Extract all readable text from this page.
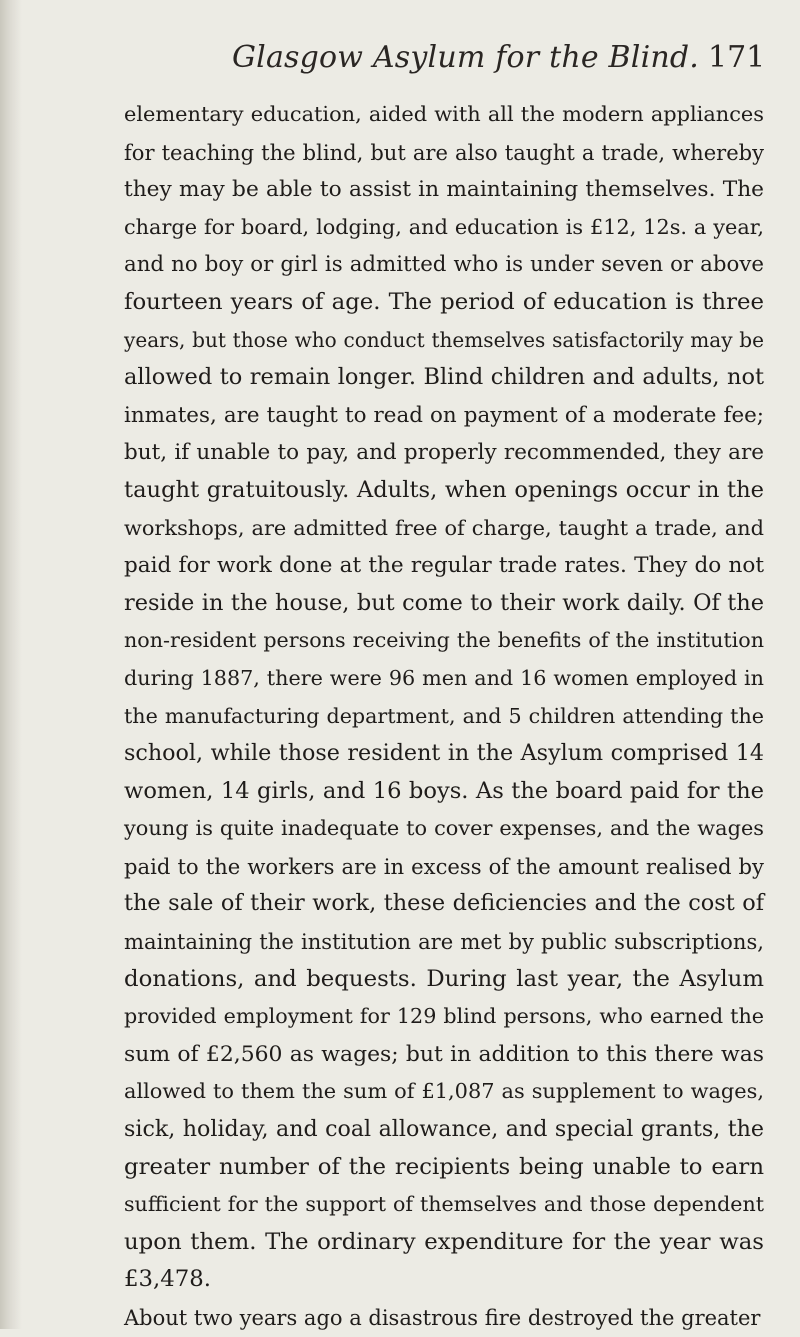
Glasgow Asylum for the Blind. 171
elementary education, aided with all the modern appliances
for teaching the blind, but are also taught a trade, whereby
they may be able to assist in maintaining themselves. The
charge for board, lodging, and education is £12, 12s. a year,
and no boy or girl is admitted who is under seven or above
fourteen years of age. The period of education is three
years, but those who conduct themselves satisfactorily may be
allowed to remain longer. Blind children and adults, not
inmates, are taught to read on payment of a moderate fee;
but, if unable to pay, and properly recommended, they are
taught gratuitously. Adults, when openings occur in the
workshops, are admitted free of charge, taught a trade, and
paid for work done at the regular trade rates. They do not
reside in the house, but come to their work daily. Of the
non-resident persons receiving the benefits of the institution
during 1887, there were 96 men and 16 women employed in
the manufacturing department, and 5 children attending the
school, while those resident in the Asylum comprised 14
women, 14 girls, and 16 boys. As the board paid for the
young is quite inadequate to cover expenses, and the wages
paid to the workers are in excess of the amount realised by
the sale of their work, these deficiencies and the cost of
maintaining the institution are met by public subscriptions,
donations, and bequests. During last year, the Asylum
provided employment for 129 blind persons, who earned the
sum of £2,560 as wages; but in addition to this there was
allowed to them the sum of £1,087 as supplement to wages,
sick, holiday, and coal allowance, and special grants, the
greater number of the recipients being unable to earn
sufficient for the support of themselves and those dependent
upon them. The ordinary expenditure for the year was
£3,478.
About two years ago a disastrous fire destroyed the greater
